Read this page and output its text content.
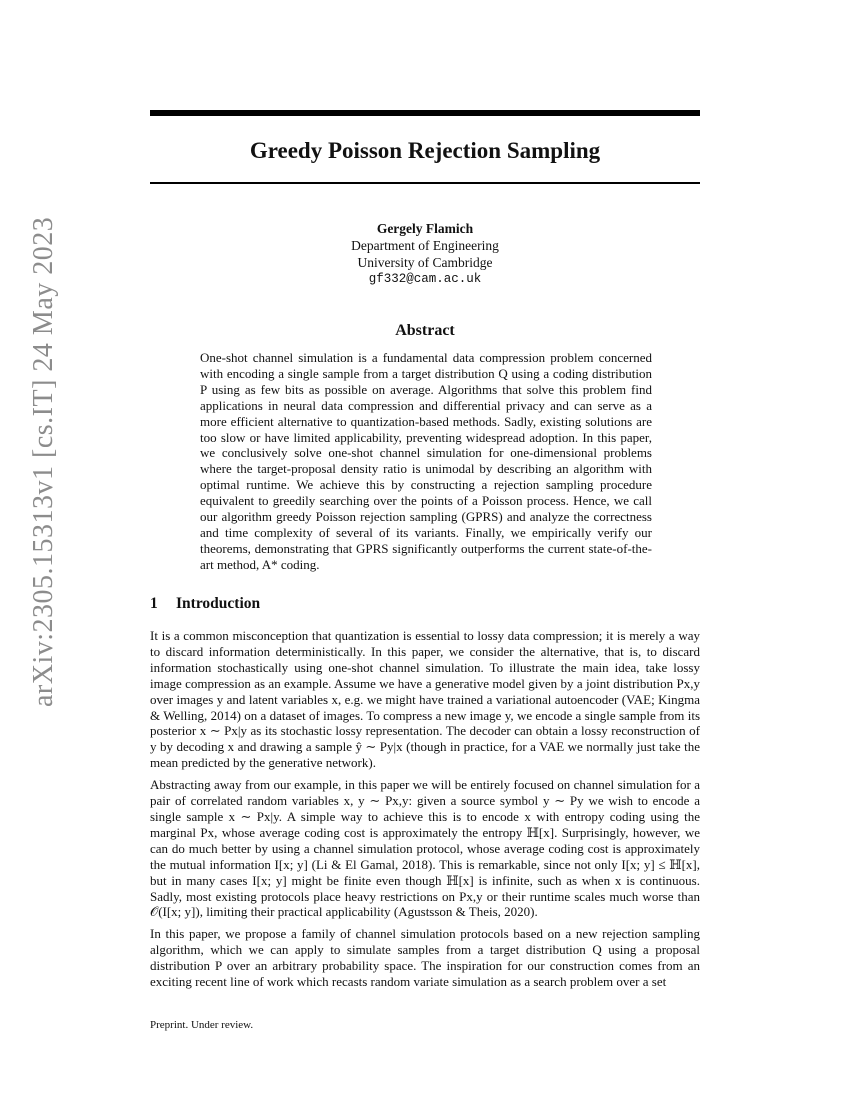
arXiv:2305.15313v1 [cs.IT] 24 May 2023
Greedy Poisson Rejection Sampling
Gergely Flamich
Department of Engineering
University of Cambridge
gf332@cam.ac.uk
Abstract

One-shot channel simulation is a fundamental data compression problem concerned with encoding a single sample from a target distribution Q using a coding distribution P using as few bits as possible on average. Algorithms that solve this problem find applications in neural data compression and differential privacy and can serve as a more efficient alternative to quantization-based methods. Sadly, existing solutions are too slow or have limited applicability, preventing widespread adoption. In this paper, we conclusively solve one-shot channel simulation for one-dimensional problems where the target-proposal density ratio is unimodal by describing an algorithm with optimal runtime. We achieve this by constructing a rejection sampling procedure equivalent to greedily searching over the points of a Poisson process. Hence, we call our algorithm greedy Poisson rejection sampling (GPRS) and analyze the correctness and time complexity of several of its variants. Finally, we empirically verify our theorems, demonstrating that GPRS significantly outperforms the current state-of-the-art method, A* coding.

1 Introduction

It is a common misconception that quantization is essential to lossy data compression; it is merely a way to discard information deterministically. In this paper, we consider the alternative, that is, to discard information stochastically using one-shot channel simulation. To illustrate the main idea, take lossy image compression as an example. Assume we have a generative model given by a joint distribution Px,y over images y and latent variables x, e.g. we might have trained a variational autoencoder (VAE; Kingma & Welling, 2014) on a dataset of images. To compress a new image y, we encode a single sample from its posterior x ∼ Px|y as its stochastic lossy representation. The decoder can obtain a lossy reconstruction of y by decoding x and drawing a sample ŷ ∼ Py|x (though in practice, for a VAE we normally just take the mean predicted by the generative network).

Abstracting away from our example, in this paper we will be entirely focused on channel simulation for a pair of correlated random variables x, y ∼ Px,y: given a source symbol y ∼ Py we wish to encode a single sample x ∼ Px|y. A simple way to achieve this is to encode x with entropy coding using the marginal Px, whose average coding cost is approximately the entropy ℍ[x]. Surprisingly, however, we can do much better by using a channel simulation protocol, whose average coding cost is approximately the mutual information I[x; y] (Li & El Gamal, 2018). This is remarkable, since not only I[x; y] ≤ ℍ[x], but in many cases I[x; y] might be finite even though ℍ[x] is infinite, such as when x is continuous. Sadly, most existing protocols place heavy restrictions on Px,y or their runtime scales much worse than 𝒪(I[x; y]), limiting their practical applicability (Agustsson & Theis, 2020).

In this paper, we propose a family of channel simulation protocols based on a new rejection sampling algorithm, which we can apply to simulate samples from a target distribution Q using a proposal distribution P over an arbitrary probability space. The inspiration for our construction comes from an exciting recent line of work which recasts random variate simulation as a search problem over a set

Preprint. Under review.
